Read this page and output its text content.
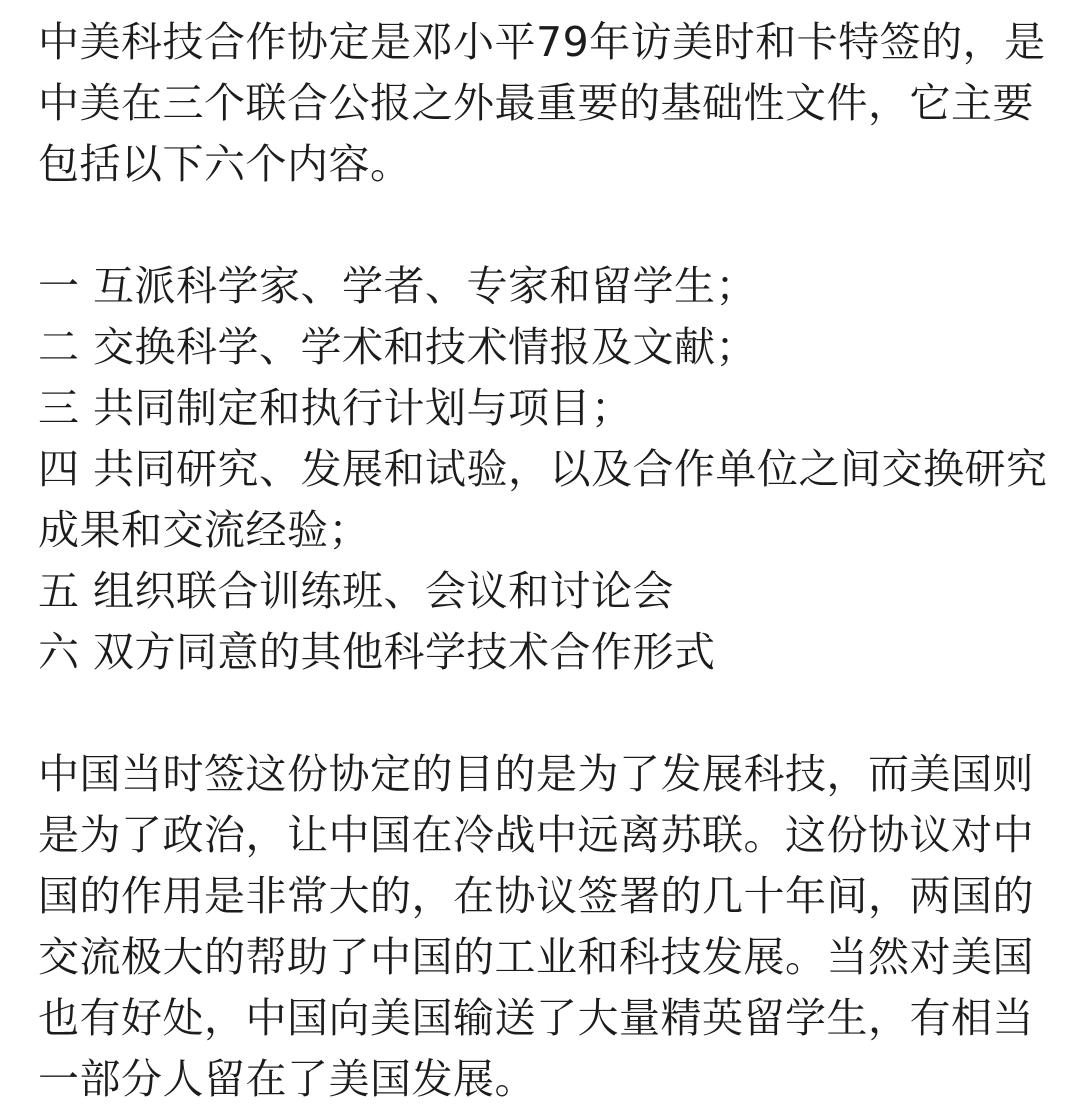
中美科技合作协定是邓小平79年访美时和卡特签的，是中美在三个联合公报之外最重要的基础性文件，它主要包括以下六个内容。

一 互派科学家、学者、专家和留学生；
二 交换科学、学术和技术情报及文献；
三 共同制定和执行计划与项目；
四 共同研究、发展和试验，以及合作单位之间交换研究成果和交流经验；
五 组织联合训练班、会议和讨论会
六 双方同意的其他科学技术合作形式

中国当时签这份协定的目的是为了发展科技，而美国则是为了政治，让中国在冷战中远离苏联。这份协议对中国的作用是非常大的，在协议签署的几十年间，两国的交流极大的帮助了中国的工业和科技发展。当然对美国也有好处，中国向美国输送了大量精英留学生，有相当一部分人留在了美国发展。
